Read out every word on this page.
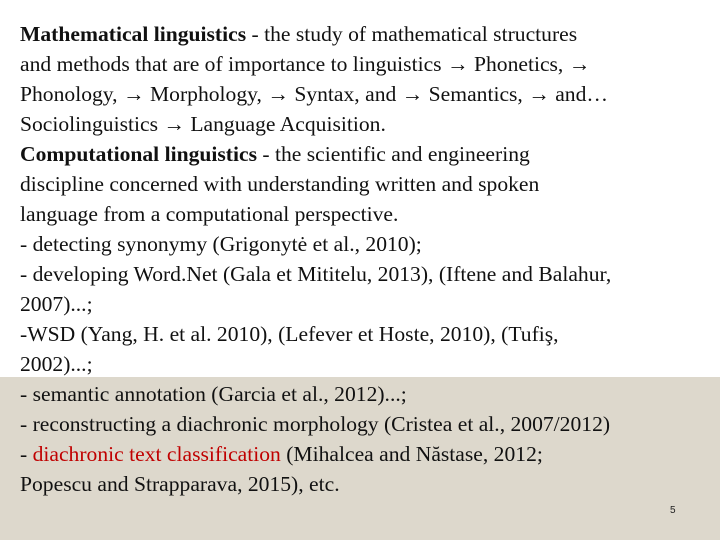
Mathematical linguistics - the study of mathematical structures
and methods that are of importance to linguistics → Phonetics, →
Phonology, → Morphology, → Syntax, and → Semantics, → and…
Sociolinguistics → Language Acquisition.
Computational linguistics - the scientific and engineering
discipline concerned with understanding written and spoken
language from a computational perspective.
- detecting synonymy (Grigonytė et al., 2010);
- developing Word.Net (Gala et Mititelu, 2013), (Iftene and Balahur,
2007)...;
-WSD (Yang, H. et al. 2010), (Lefever et Hoste, 2010), (Tufiş,
2002)...;
- semantic annotation (Garcia et al., 2012)...;
- reconstructing a diachronic morphology (Cristea et al., 2007/2012)
- diachronic text classification (Mihalcea and Năstase, 2012;
Popescu and Strapparava, 2015), etc.
5
